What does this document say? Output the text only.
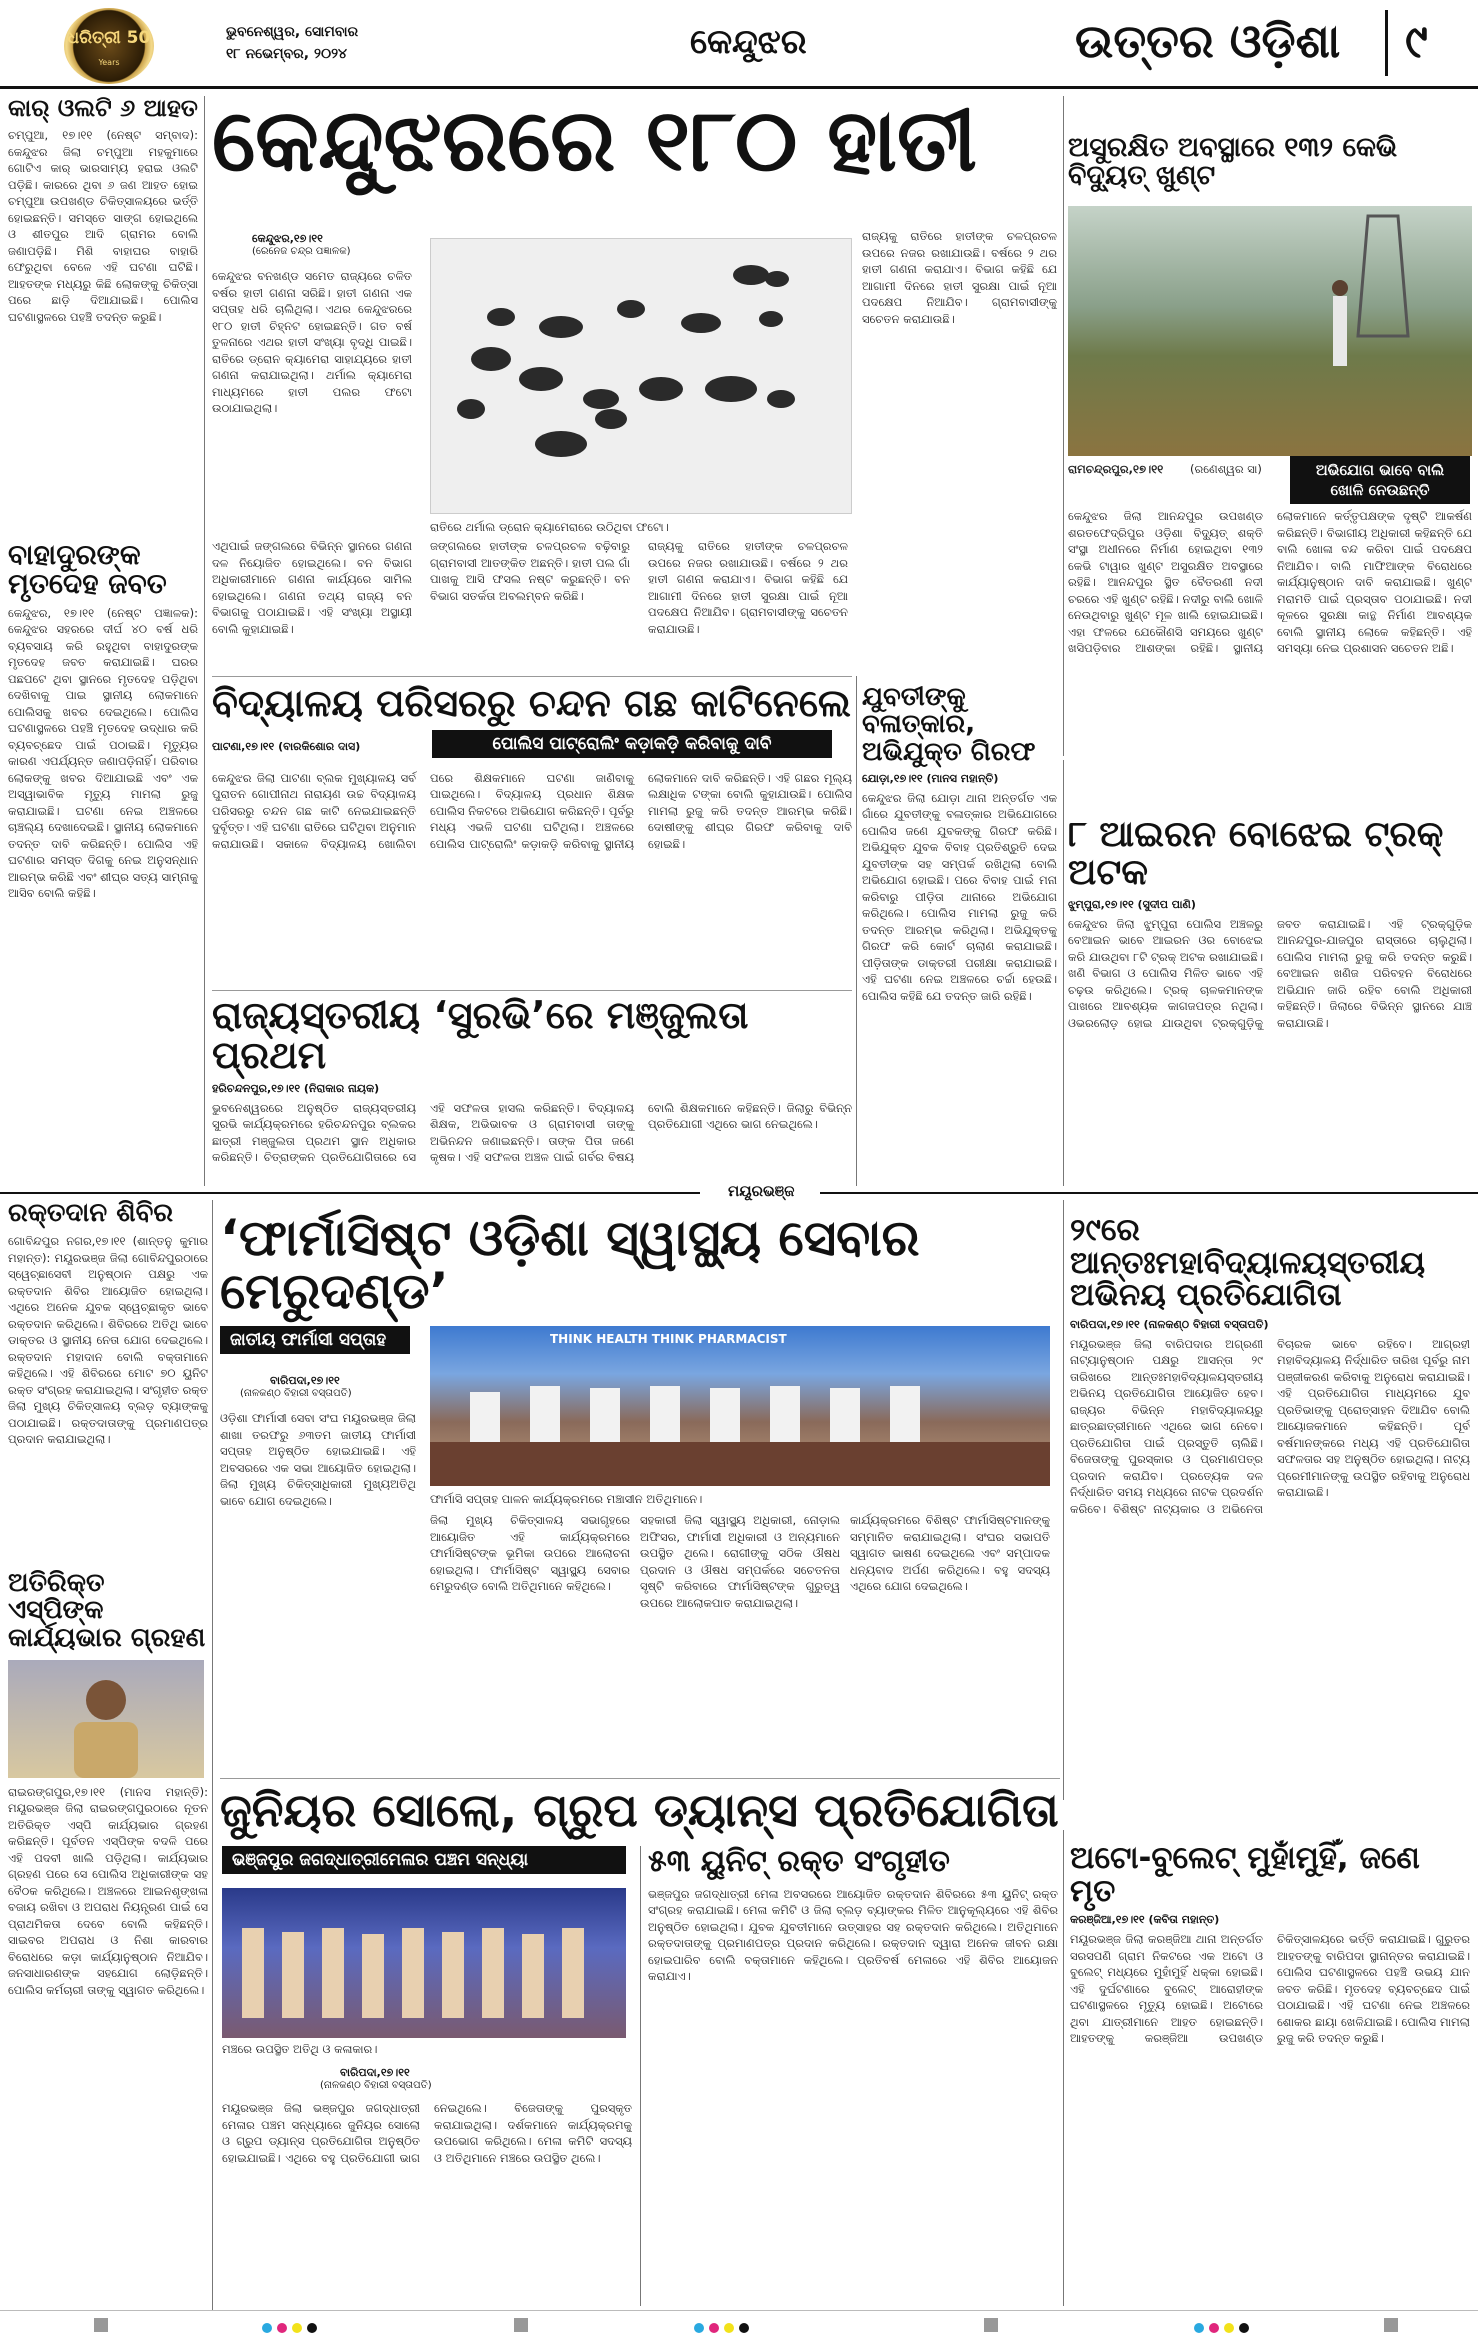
ଧରିତ୍ରୀ 50
Years
ଭୁବନେଶ୍ୱର, ସୋମବାର
୧୮ ନଭେମ୍ବର, ୨୦୨୪	କେନ୍ଦୁଝର	ଉତ୍ତର ଓଡ଼ିଶା ୯
କାର୍ ଓଲଟି ୬ ଆହତ
ଚମ୍ପୁଆ, ୧୭।୧୧ (ନେଷ୍ଟ ସମ୍ବାଦ): କେନ୍ଦୁଝର ଜିଲା ଚମ୍ପୁଆ ମହକୁମାରେ ଗୋଟିଏ କାର୍ ଭାରସାମ୍ୟ ହରାଇ ଓଲଟି ପଡ଼ିଛି। କାରରେ ଥିବା ୬ ଜଣ ଆହତ ହୋଇ ଚମ୍ପୁଆ ଉପଖଣ୍ଡ ଚିକିତ୍ସାଳୟରେ ଭର୍ତ୍ତି ହୋଇଛନ୍ତି। ସମସ୍ତେ ସାଙ୍ଗ ହୋଇଥିଲେ ଓ ଶୀତପୁର ଆଦି ଗ୍ରାମର ବୋଲି ଜଣାପଡ଼ିଛି। ମିଶି ବାହାଘର ବାହାରି ଫେରୁଥିବା ବେଳେ ଏହି ଘଟଣା ଘଟିଛି। ଆହତଙ୍କ ମଧ୍ୟରୁ କିଛି ଲୋକଙ୍କୁ ଚିକିତ୍ସା ପରେ ଛାଡ଼ି ଦିଆଯାଇଛି। ପୋଲିସ ଘଟଣାସ୍ଥଳରେ ପହଞ୍ଚି ତଦନ୍ତ କରୁଛି।
ବାହାଦୁରଙ୍କ ମୃତଦେହ ଜବତ
କେନ୍ଦୁଝର, ୧୭।୧୧ (ନେଷ୍ଟ ପଜ୍ଞାଳକ): କେନ୍ଦୁଝର ସହରରେ ଦୀର୍ଘ ୪୦ ବର୍ଷ ଧରି ବ୍ୟବସାୟ କରି ରହୁଥିବା ବାହାଦୁରଙ୍କ ମୃତଦେହ ଜବତ କରାଯାଇଛି। ଘରର ପଛପଟେ ଥିବା ସ୍ଥାନରେ ମୃତଦେହ ପଡ଼ିଥିବା ଦେଖିବାକୁ ପାଇ ସ୍ଥାନୀୟ ଲୋକମାନେ ପୋଲିସକୁ ଖବର ଦେଇଥିଲେ। ପୋଲିସ ଘଟଣାସ୍ଥଳରେ ପହଞ୍ଚି ମୃତଦେହ ଉଦ୍ଧାର କରି ବ୍ୟବଚ୍ଛେଦ ପାଇଁ ପଠାଇଛି। ମୃତ୍ୟୁର କାରଣ ଏପର୍ଯ୍ୟନ୍ତ ଜଣାପଡ଼ିନାହିଁ। ପରିବାର ଲୋକଙ୍କୁ ଖବର ଦିଆଯାଇଛି ଏବଂ ଏକ ଅସ୍ୱାଭାବିକ ମୃତ୍ୟୁ ମାମଲା ରୁଜୁ କରାଯାଇଛି। ଘଟଣା ନେଇ ଅଞ୍ଚଳରେ ଚାଞ୍ଚଲ୍ୟ ଦେଖାଦେଇଛି। ସ୍ଥାନୀୟ ଲୋକମାନେ ତଦନ୍ତ ଦାବି କରିଛନ୍ତି। ପୋଲିସ ଏହି ଘଟଣାର ସମସ୍ତ ଦିଗକୁ ନେଇ ଅନୁସନ୍ଧାନ ଆରମ୍ଭ କରିଛି ଏବଂ ଶୀଘ୍ର ସତ୍ୟ ସାମ୍ନାକୁ ଆସିବ ବୋଲି କହିଛି।
କେନ୍ଦୁଝରରେ ୧୮୦ ହାତୀ
କେନ୍ଦୁଝର,୧୭।୧୧
(ରେନେଜ ଚନ୍ଦ୍ର ପଜ୍ଞାଳକ)
କେନ୍ଦୁଝର ବନଖଣ୍ଡ ସମେତ ରାଜ୍ୟରେ ଚଳିତ ବର୍ଷର ହାତୀ ଗଣନା ସରିଛି। ହାତୀ ଗଣନା ଏକ ସପ୍ତାହ ଧରି ଚାଲିଥିଲା। ଏଥର କେନ୍ଦୁଝରରେ ୧୮୦ ହାତୀ ଚିହ୍ନଟ ହୋଇଛନ୍ତି। ଗତ ବର୍ଷ ତୁଳନାରେ ଏଥର ହାତୀ ସଂଖ୍ୟା ବୃଦ୍ଧି ପାଇଛି। ରାତିରେ ଡ୍ରୋନ କ୍ୟାମେରା ସାହାଯ୍ୟରେ ହାତୀ ଗଣନା କରାଯାଇଥିଲା। ଥର୍ମାଲ କ୍ୟାମେରା ମାଧ୍ୟମରେ ହାତୀ ପଲର ଫଟୋ ଉଠାଯାଇଥିଲା।
ରାତିରେ ଥର୍ମାଲ ଡ୍ରୋନ କ୍ୟାମେରାରେ ଉଠିଥିବା ଫଟୋ।
ଏଥିପାଇଁ ଜଙ୍ଗଲରେ ବିଭିନ୍ନ ସ୍ଥାନରେ ଗଣନା ଦଳ ନିୟୋଜିତ ହୋଇଥିଲେ। ବନ ବିଭାଗ ଅଧିକାରୀମାନେ ଗଣନା କାର୍ଯ୍ୟରେ ସାମିଲ ହୋଇଥିଲେ। ଗଣନା ତଥ୍ୟ ରାଜ୍ୟ ବନ ବିଭାଗକୁ ପଠାଯାଇଛି। ଏହି ସଂଖ୍ୟା ଅସ୍ଥାୟୀ ବୋଲି କୁହାଯାଇଛି।
ଜଙ୍ଗଲରେ ହାତୀଙ୍କ ଚଳପ୍ରଚଳ ବଢ଼ିବାରୁ ଗ୍ରାମବାସୀ ଆତଙ୍କିତ ଅଛନ୍ତି। ହାତୀ ପଲ ଗାଁ ପାଖକୁ ଆସି ଫସଲ ନଷ୍ଟ କରୁଛନ୍ତି। ବନ ବିଭାଗ ସତର୍କତା ଅବଲମ୍ବନ କରିଛି।
ରାଜ୍ୟକୁ ରାତିରେ ହାତୀଙ୍କ ଚଳପ୍ରଚଳ ଉପରେ ନଜର ରଖାଯାଉଛି। ବର୍ଷରେ ୨ ଥର ହାତୀ ଗଣନା କରାଯାଏ। ବିଭାଗ କହିଛି ଯେ ଆଗାମୀ ଦିନରେ ହାତୀ ସୁରକ୍ଷା ପାଇଁ ନୂଆ ପଦକ୍ଷେପ ନିଆଯିବ। ଗ୍ରାମବାସୀଙ୍କୁ ସଚେତନ କରାଯାଉଛି।
ରାଜ୍ୟକୁ ରାତିରେ ହାତୀଙ୍କ ଚଳପ୍ରଚଳ ଉପରେ ନଜର ରଖାଯାଉଛି। ବର୍ଷରେ ୨ ଥର ହାତୀ ଗଣନା କରାଯାଏ। ବିଭାଗ କହିଛି ଯେ ଆଗାମୀ ଦିନରେ ହାତୀ ସୁରକ୍ଷା ପାଇଁ ନୂଆ ପଦକ୍ଷେପ ନିଆଯିବ। ଗ୍ରାମବାସୀଙ୍କୁ ସଚେତନ କରାଯାଉଛି।
ଅସୁରକ୍ଷିତ ଅବସ୍ଥାରେ ୧୩୨ କେଭି ବିଦ୍ୟୁତ୍ ଖୁଣ୍ଟ
ରାମଚନ୍ଦ୍ରପୁର,୧୭।୧୧ (ରଣେଶ୍ୱର ସା)	ଅଭିଯୋଗ ଭାବେ ବାଲି ଖୋଳି ନେଉଛନ୍ତି
କେନ୍ଦୁଝର ଜିଲା ଆନନ୍ଦପୁର ଉପଖଣ୍ଡ ଶରତଫେଦ୍ରିପୁର ଓଡ଼ିଶା ବିଦ୍ୟୁତ୍ ଶକ୍ତି ସଂସ୍ଥା ଅଧୀନରେ ନିର୍ମାଣ ହୋଇଥିବା ୧୩୨ କେଭି ଟାୱାର ଖୁଣ୍ଟ ଅସୁରକ୍ଷିତ ଅବସ୍ଥାରେ ରହିଛି। ଆନନ୍ଦପୁର ସ୍ଥିତ ବୈତରଣୀ ନଦୀ ଚରରେ ଏହି ଖୁଣ୍ଟ ରହିଛି। ନଦୀରୁ ବାଲି ଖୋଳି ନେଉଥିବାରୁ ଖୁଣ୍ଟ ମୂଳ ଖାଲି ହୋଇଯାଇଛି। ଏହା ଫଳରେ ଯେକୌଣସି ସମୟରେ ଖୁଣ୍ଟ ଖସିପଡ଼ିବାର ଆଶଙ୍କା ରହିଛି। ସ୍ଥାନୀୟ ଲୋକମାନେ କର୍ତ୍ତୃପକ୍ଷଙ୍କ ଦୃଷ୍ଟି ଆକର୍ଷଣ କରିଛନ୍ତି। ବିଭାଗୀୟ ଅଧିକାରୀ କହିଛନ୍ତି ଯେ ବାଲି ଖୋଳା ବନ୍ଦ କରିବା ପାଇଁ ପଦକ୍ଷେପ ନିଆଯିବ। ବାଲି ମାଫିଆଙ୍କ ବିରୋଧରେ କାର୍ଯ୍ୟାନୁଷ୍ଠାନ ଦାବି କରାଯାଇଛି। ଖୁଣ୍ଟ ମରାମତି ପାଇଁ ପ୍ରସ୍ତାବ ପଠାଯାଇଛି। ନଦୀ କୂଳରେ ସୁରକ୍ଷା କାନ୍ଥ ନିର୍ମାଣ ଆବଶ୍ୟକ ବୋଲି ସ୍ଥାନୀୟ ଲୋକେ କହିଛନ୍ତି। ଏହି ସମସ୍ୟା ନେଇ ପ୍ରଶାସନ ସଚେତନ ଅଛି।
ବିଦ୍ୟାଳୟ ପରିସରରୁ ଚନ୍ଦନ ଗଛ କାଟିନେଲେ
ପୋଲିସ ପାଟ୍ରୋଲିଂ କଡ଼ାକଡ଼ି କରିବାକୁ ଦାବି
ପାଟଣା,୧୭।୧୧ (ବାରକିଶୋର ଦାସ)
କେନ୍ଦୁଝର ଜିଲା ପାଟଣା ବ୍ଲକ ମୁଖ୍ୟାଳୟ ସର୍ବ ପୁରାତନ ଗୋପୀନାଥ ନାରାୟଣ ଉଚ୍ଚ ବିଦ୍ୟାଳୟ ପରିସରରୁ ଚନ୍ଦନ ଗଛ କାଟି ନେଇଯାଇଛନ୍ତି ଦୁର୍ବୃତ୍ତ। ଏହି ଘଟଣା ରାତିରେ ଘଟିଥିବା ଅନୁମାନ କରାଯାଉଛି। ସକାଳେ ବିଦ୍ୟାଳୟ ଖୋଲିବା ପରେ ଶିକ୍ଷକମାନେ ଘଟଣା ଜାଣିବାକୁ ପାଇଥିଲେ। ବିଦ୍ୟାଳୟ ପ୍ରଧାନ ଶିକ୍ଷକ ପୋଲିସ ନିକଟରେ ଅଭିଯୋଗ କରିଛନ୍ତି। ପୂର୍ବରୁ ମଧ୍ୟ ଏଭଳି ଘଟଣା ଘଟିଥିଲା। ଅଞ୍ଚଳରେ ପୋଲିସ ପାଟ୍ରୋଲିଂ କଡ଼ାକଡ଼ି କରିବାକୁ ସ୍ଥାନୀୟ ଲୋକମାନେ ଦାବି କରିଛନ୍ତି। ଏହି ଗଛର ମୂଲ୍ୟ ଲକ୍ଷାଧିକ ଟଙ୍କା ବୋଲି କୁହାଯାଉଛି। ପୋଲିସ ମାମଲା ରୁଜୁ କରି ତଦନ୍ତ ଆରମ୍ଭ କରିଛି। ଦୋଷୀଙ୍କୁ ଶୀଘ୍ର ଗିରଫ କରିବାକୁ ଦାବି ହୋଇଛି।
ଯୁବତୀଙ୍କୁ ବଳାତ୍କାର, ଅଭିଯୁକ୍ତ ଗିରଫ
ଯୋଡ଼ା,୧୭।୧୧ (ମାନସ ମହାନ୍ତି)
କେନ୍ଦୁଝର ଜିଲା ଯୋଡ଼ା ଥାନା ଅନ୍ତର୍ଗତ ଏକ ଗାଁରେ ଯୁବତୀଙ୍କୁ ବଳାତ୍କାର ଅଭିଯୋଗରେ ପୋଲିସ ଜଣେ ଯୁବକଙ୍କୁ ଗିରଫ କରିଛି। ଅଭିଯୁକ୍ତ ଯୁବକ ବିବାହ ପ୍ରତିଶ୍ରୁତି ଦେଇ ଯୁବତୀଙ୍କ ସହ ସମ୍ପର୍କ ରଖିଥିଲା ବୋଲି ଅଭିଯୋଗ ହୋଇଛି। ପରେ ବିବାହ ପାଇଁ ମନା କରିବାରୁ ପୀଡ଼ିତା ଥାନାରେ ଅଭିଯୋଗ କରିଥିଲେ। ପୋଲିସ ମାମଲା ରୁଜୁ କରି ତଦନ୍ତ ଆରମ୍ଭ କରିଥିଲା। ଅଭିଯୁକ୍ତକୁ ଗିରଫ କରି କୋର୍ଟ ଚାଲାଣ କରାଯାଇଛି। ପୀଡ଼ିତାଙ୍କ ଡାକ୍ତରୀ ପରୀକ୍ଷା କରାଯାଇଛି। ଏହି ଘଟଣା ନେଇ ଅଞ୍ଚଳରେ ଚର୍ଚ୍ଚା ହେଉଛି। ପୋଲିସ କହିଛି ଯେ ତଦନ୍ତ ଜାରି ରହିଛି।
୮ ଆଇରନ ବୋଝେଇ ଟ୍ରକ୍ ଅଟକ
ଝୁମ୍ପୁରା,୧୭।୧୧ (ସୁଦୀପ ପାଣି)
କେନ୍ଦୁଝର ଜିଲା ଝୁମ୍ପୁରା ପୋଲିସ ଅଞ୍ଚଳରୁ ବେଆଇନ ଭାବେ ଆଇରନ ଓର ବୋଝେଇ କରି ଯାଉଥିବା ୮ଟି ଟ୍ରକ୍ ଅଟକ ରଖାଯାଇଛି। ଖଣି ବିଭାଗ ଓ ପୋଲିସ ମିଳିତ ଭାବେ ଏହି ଚଢ଼ଉ କରିଥିଲେ। ଟ୍ରକ୍ ଚାଳକମାନଙ୍କ ପାଖରେ ଆବଶ୍ୟକ କାଗଜପତ୍ର ନଥିଲା। ଓଭରଲୋଡ଼ ହୋଇ ଯାଉଥିବା ଟ୍ରକ୍‌ଗୁଡ଼ିକୁ ଜବତ କରାଯାଇଛି। ଏହି ଟ୍ରକ୍‌ଗୁଡ଼ିକ ଆନନ୍ଦପୁର-ଯାଜପୁର ରାସ୍ତାରେ ଚାଲୁଥିଲା। ପୋଲିସ ମାମଲା ରୁଜୁ କରି ତଦନ୍ତ କରୁଛି। ବେଆଇନ ଖଣିଜ ପରିବହନ ବିରୋଧରେ ଅଭିଯାନ ଜାରି ରହିବ ବୋଲି ଅଧିକାରୀ କହିଛନ୍ତି। ଜିଲାରେ ବିଭିନ୍ନ ସ୍ଥାନରେ ଯାଞ୍ଚ କରାଯାଉଛି।
ରାଜ୍ୟସ୍ତରୀୟ ‘ସୁରଭି’ରେ ମଞ୍ଜୁଲତା ପ୍ରଥମ
ହରିଚନ୍ଦନପୁର,୧୭।୧୧ (ନିରାକାର ନାୟକ)
ଭୁବନେଶ୍ୱରରେ ଅନୁଷ୍ଠିତ ରାଜ୍ୟସ୍ତରୀୟ ସୁରଭି କାର୍ଯ୍ୟକ୍ରମରେ ହରିଚନ୍ଦନପୁର ବ୍ଲକର ଛାତ୍ରୀ ମଞ୍ଜୁଲତା ପ୍ରଥମ ସ୍ଥାନ ଅଧିକାର କରିଛନ୍ତି। ଚିତ୍ରାଙ୍କନ ପ୍ରତିଯୋଗିତାରେ ସେ ଏହି ସଫଳତା ହାସଲ କରିଛନ୍ତି। ବିଦ୍ୟାଳୟ ଶିକ୍ଷକ, ଅଭିଭାବକ ଓ ଗ୍ରାମବାସୀ ତାଙ୍କୁ ଅଭିନନ୍ଦନ ଜଣାଇଛନ୍ତି। ତାଙ୍କ ପିତା ଜଣେ କୃଷକ। ଏହି ସଫଳତା ଅଞ୍ଚଳ ପାଇଁ ଗର୍ବର ବିଷୟ ବୋଲି ଶିକ୍ଷକମାନେ କହିଛନ୍ତି। ଜିଲାରୁ ବିଭିନ୍ନ ପ୍ରତିଯୋଗୀ ଏଥିରେ ଭାଗ ନେଇଥିଲେ।
ମୟୂରଭଞ୍ଜ
ରକ୍ତଦାନ ଶିବିର
ଗୋବିନ୍ଦପୁର ନଗର,୧୭।୧୧ (ଶାନ୍ତନୁ କୁମାର ମହାନ୍ତ): ମୟୂରଭଞ୍ଜ ଜିଲା ଗୋବିନ୍ଦପୁରଠାରେ ସ୍ୱେଚ୍ଛାସେବୀ ଅନୁଷ୍ଠାନ ପକ୍ଷରୁ ଏକ ରକ୍ତଦାନ ଶିବିର ଆୟୋଜିତ ହୋଇଥିଲା। ଏଥିରେ ଅନେକ ଯୁବକ ସ୍ୱେଚ୍ଛାକୃତ ଭାବେ ରକ୍ତଦାନ କରିଥିଲେ। ଶିବିରରେ ଅତିଥି ଭାବେ ଡାକ୍ତର ଓ ସ୍ଥାନୀୟ ନେତା ଯୋଗ ଦେଇଥିଲେ। ରକ୍ତଦାନ ମହାଦାନ ବୋଲି ବକ୍ତାମାନେ କହିଥିଲେ। ଏହି ଶିବିରରେ ମୋଟ ୭୦ ୟୁନିଟ ରକ୍ତ ସଂଗ୍ରହ କରାଯାଇଥିଲା। ସଂଗୃହୀତ ରକ୍ତ ଜିଲା ମୁଖ୍ୟ ଚିକିତ୍ସାଳୟ ବ୍ଲଡ଼ ବ୍ୟାଙ୍କକୁ ପଠାଯାଇଛି। ରକ୍ତଦାତାଙ୍କୁ ପ୍ରମାଣପତ୍ର ପ୍ରଦାନ କରାଯାଇଥିଲା।
ଅତିରିକ୍ତ ଏସ୍‌ପିଙ୍କ କାର୍ଯ୍ୟଭାର ଗ୍ରହଣ
ରାଇରଙ୍ଗପୁର,୧୭।୧୧ (ମାନସ ମହାନ୍ତି): ମୟୂରଭଞ୍ଜ ଜିଲା ରାଇରଙ୍ଗପୁରଠାରେ ନୂତନ ଅତିରିକ୍ତ ଏସ୍‌ପି କାର୍ଯ୍ୟଭାର ଗ୍ରହଣ କରିଛନ୍ତି। ପୂର୍ବତନ ଏସ୍‌ପିଙ୍କ ବଦଳି ପରେ ଏହି ପଦବୀ ଖାଲି ପଡ଼ିଥିଲା। କାର୍ଯ୍ୟଭାର ଗ୍ରହଣ ପରେ ସେ ପୋଲିସ ଅଧିକାରୀଙ୍କ ସହ ବୈଠକ କରିଥିଲେ। ଅଞ୍ଚଳରେ ଆଇନଶୃଙ୍ଖଳା ବଜାୟ ରଖିବା ଓ ଅପରାଧ ନିୟନ୍ତ୍ରଣ ପାଇଁ ସେ ପ୍ରାଥମିକତା ଦେବେ ବୋଲି କହିଛନ୍ତି। ସାଇବର ଅପରାଧ ଓ ନିଶା କାରବାର ବିରୋଧରେ କଡ଼ା କାର୍ଯ୍ୟାନୁଷ୍ଠାନ ନିଆଯିବ। ଜନସାଧାରଣଙ୍କ ସହଯୋଗ ଲୋଡ଼ିଛନ୍ତି। ପୋଲିସ କର୍ମଚାରୀ ତାଙ୍କୁ ସ୍ୱାଗତ କରିଥିଲେ।
‘ଫାର୍ମାସିଷ୍ଟ ଓଡ଼ିଶା ସ୍ୱାସ୍ଥ୍ୟ ସେବାର ମେରୁଦଣ୍ଡ’
ଜାତୀୟ ଫାର୍ମାସୀ ସପ୍ତାହ
ବାରିପଦା,୧୭।୧୧
(ନାଳକଣ୍ଠ ବିହାରୀ ବସ୍ତାପତି)
THINK HEALTH THINK PHARMACIST
ଫାର୍ମାସି ସପ୍ତାହ ପାଳନ କାର୍ଯ୍ୟକ୍ରମରେ ମଞ୍ଚାସୀନ ଅତିଥିମାନେ।
ଓଡ଼ିଶା ଫାର୍ମାସୀ ସେବା ସଂଘ ମୟୂରଭଞ୍ଜ ଜିଲା ଶାଖା ତରଫରୁ ୬୩ତମ ଜାତୀୟ ଫାର୍ମାସୀ ସପ୍ତାହ ଅନୁଷ୍ଠିତ ହୋଇଯାଇଛି। ଏହି ଅବସରରେ ଏକ ସଭା ଆୟୋଜିତ ହୋଇଥିଲା। ଜିଲା ମୁଖ୍ୟ ଚିକିତ୍ସାଧିକାରୀ ମୁଖ୍ୟଅତିଥି ଭାବେ ଯୋଗ ଦେଇଥିଲେ।
ଜିଲା ମୁଖ୍ୟ ଚିକିତ୍ସାଳୟ ସଭାଗୃହରେ ଆୟୋଜିତ ଏହି କାର୍ଯ୍ୟକ୍ରମରେ ଫାର୍ମାସିଷ୍ଟଙ୍କ ଭୂମିକା ଉପରେ ଆଲୋଚନା ହୋଇଥିଲା। ଫାର୍ମାସିଷ୍ଟ ସ୍ୱାସ୍ଥ୍ୟ ସେବାର ମେରୁଦଣ୍ଡ ବୋଲି ଅତିଥିମାନେ କହିଥିଲେ।
ସହକାରୀ ଜିଲା ସ୍ୱାସ୍ଥ୍ୟ ଅଧିକାରୀ, ନୋଡ଼ାଲ ଅଫିସର, ଫାର୍ମାସୀ ଅଧିକାରୀ ଓ ଅନ୍ୟମାନେ ଉପସ୍ଥିତ ଥିଲେ। ରୋଗୀଙ୍କୁ ସଠିକ ଔଷଧ ପ୍ରଦାନ ଓ ଔଷଧ ସମ୍ପର୍କରେ ସଚେତନତା ସୃଷ୍ଟି କରିବାରେ ଫାର୍ମାସିଷ୍ଟଙ୍କ ଗୁରୁତ୍ୱ ଉପରେ ଆଲୋକପାତ କରାଯାଇଥିଲା।
କାର୍ଯ୍ୟକ୍ରମରେ ବିଶିଷ୍ଟ ଫାର୍ମାସିଷ୍ଟମାନଙ୍କୁ ସମ୍ମାନିତ କରାଯାଇଥିଲା। ସଂଘର ସଭାପତି ସ୍ୱାଗତ ଭାଷଣ ଦେଇଥିଲେ ଏବଂ ସମ୍ପାଦକ ଧନ୍ୟବାଦ ଅର୍ପଣ କରିଥିଲେ। ବହୁ ସଦସ୍ୟ ଏଥିରେ ଯୋଗ ଦେଇଥିଲେ।
୨୯ରେ ଆନ୍ତଃମହାବିଦ୍ୟାଳୟସ୍ତରୀୟ ଅଭିନୟ ପ୍ରତିଯୋଗିତା
ବାରିପଦା,୧୭।୧୧ (ନାଳକଣ୍ଠ ବିହାରୀ ବସ୍ତାପତି)
ମୟୂରଭଞ୍ଜ ଜିଲା ବାରିପଦାର ଅଗ୍ରଣୀ ନାଟ୍ୟାନୁଷ୍ଠାନ ପକ୍ଷରୁ ଆସନ୍ତା ୨୯ ତାରିଖରେ ଆନ୍ତଃମହାବିଦ୍ୟାଳୟସ୍ତରୀୟ ଅଭିନୟ ପ୍ରତିଯୋଗିତା ଆୟୋଜିତ ହେବ। ରାଜ୍ୟର ବିଭିନ୍ନ ମହାବିଦ୍ୟାଳୟରୁ ଛାତ୍ରଛାତ୍ରୀମାନେ ଏଥିରେ ଭାଗ ନେବେ। ପ୍ରତିଯୋଗିତା ପାଇଁ ପ୍ରସ୍ତୁତି ଚାଲିଛି। ବିଜେତାଙ୍କୁ ପୁରସ୍କାର ଓ ପ୍ରମାଣପତ୍ର ପ୍ରଦାନ କରାଯିବ। ପ୍ରତ୍ୟେକ ଦଳ ନିର୍ଦ୍ଧାରିତ ସମୟ ମଧ୍ୟରେ ନାଟକ ପ୍ରଦର୍ଶନ କରିବେ। ବିଶିଷ୍ଟ ନାଟ୍ୟକାର ଓ ଅଭିନେତା ବିଚାରକ ଭାବେ ରହିବେ। ଆଗ୍ରହୀ ମହାବିଦ୍ୟାଳୟ ନିର୍ଦ୍ଧାରିତ ତାରିଖ ପୂର୍ବରୁ ନାମ ପଞ୍ଜୀକରଣ କରିବାକୁ ଅନୁରୋଧ କରାଯାଇଛି। ଏହି ପ୍ରତିଯୋଗିତା ମାଧ୍ୟମରେ ଯୁବ ପ୍ରତିଭାଙ୍କୁ ପ୍ରୋତ୍ସାହନ ଦିଆଯିବ ବୋଲି ଆୟୋଜକମାନେ କହିଛନ୍ତି। ପୂର୍ବ ବର୍ଷମାନଙ୍କରେ ମଧ୍ୟ ଏହି ପ୍ରତିଯୋଗିତା ସଫଳତାର ସହ ଅନୁଷ୍ଠିତ ହୋଇଥିଲା। ନାଟ୍ୟ ପ୍ରେମୀମାନଙ୍କୁ ଉପସ୍ଥିତ ରହିବାକୁ ଅନୁରୋଧ କରାଯାଇଛି।
ଜୁନିୟର ସୋଲୋ, ଗ୍ରୁପ ଡ୍ୟାନ୍ସ ପ୍ରତିଯୋଗିତା
ଭଞ୍ଜପୁର ଜଗଦ୍ଧାତ୍ରୀମେଳାର ପଞ୍ଚମ ସନ୍ଧ୍ୟା
ମଞ୍ଚରେ ଉପସ୍ଥିତ ଅତିଥି ଓ କଳାକାର।
ବାରିପଦା,୧୭।୧୧
(ନାଳକଣ୍ଠ ବିହାରୀ ବସ୍ତାପତି)
ମୟୂରଭଞ୍ଜ ଜିଲା ଭଞ୍ଜପୁର ଜଗଦ୍ଧାତ୍ରୀ ମେଳାର ପଞ୍ଚମ ସନ୍ଧ୍ୟାରେ ଜୁନିୟର ସୋଲୋ ଓ ଗ୍ରୁପ ଡ୍ୟାନ୍ସ ପ୍ରତିଯୋଗିତା ଅନୁଷ୍ଠିତ ହୋଇଯାଇଛି। ଏଥିରେ ବହୁ ପ୍ରତିଯୋଗୀ ଭାଗ ନେଇଥିଲେ। ବିଜେତାଙ୍କୁ ପୁରସ୍କୃତ କରାଯାଇଥିଲା। ଦର୍ଶକମାନେ କାର୍ଯ୍ୟକ୍ରମକୁ ଉପଭୋଗ କରିଥିଲେ। ମେଳା କମିଟି ସଦସ୍ୟ ଓ ଅତିଥିମାନେ ମଞ୍ଚରେ ଉପସ୍ଥିତ ଥିଲେ।
୫୩ ୟୁନିଟ୍ ରକ୍ତ ସଂଗୃହୀତ
ଭଞ୍ଜପୁର ଜଗଦ୍ଧାତ୍ରୀ ମେଳା ଅବସରରେ ଆୟୋଜିତ ରକ୍ତଦାନ ଶିବିରରେ ୫୩ ୟୁନିଟ୍ ରକ୍ତ ସଂଗ୍ରହ କରାଯାଇଛି। ମେଳା କମିଟି ଓ ଜିଲା ବ୍ଲଡ଼ ବ୍ୟାଙ୍କର ମିଳିତ ଆନୁକୂଲ୍ୟରେ ଏହି ଶିବିର ଅନୁଷ୍ଠିତ ହୋଇଥିଲା। ଯୁବକ ଯୁବତୀମାନେ ଉତ୍ସାହର ସହ ରକ୍ତଦାନ କରିଥିଲେ। ଅତିଥିମାନେ ରକ୍ତଦାତାଙ୍କୁ ପ୍ରମାଣପତ୍ର ପ୍ରଦାନ କରିଥିଲେ। ରକ୍ତଦାନ ଦ୍ୱାରା ଅନେକ ଜୀବନ ରକ୍ଷା ହୋଇପାରିବ ବୋଲି ବକ୍ତାମାନେ କହିଥିଲେ। ପ୍ରତିବର୍ଷ ମେଳାରେ ଏହି ଶିବିର ଆୟୋଜନ କରାଯାଏ।
ଅଟୋ-ବୁଲେଟ୍ ମୁହାଁମୁହିଁ, ଜଣେ ମୃତ
କରଞ୍ଜିଆ,୧୭।୧୧ (କବିତା ମହାନ୍ତ)
ମୟୂରଭଞ୍ଜ ଜିଲା କରଞ୍ଜିଆ ଥାନା ଅନ୍ତର୍ଗତ ସରସପଣି ଗ୍ରାମ ନିକଟରେ ଏକ ଅଟୋ ଓ ବୁଲେଟ୍ ମଧ୍ୟରେ ମୁହାଁମୁହିଁ ଧକ୍କା ହୋଇଛି। ଏହି ଦୁର୍ଘଟଣାରେ ବୁଲେଟ୍ ଆରୋହୀଙ୍କ ଘଟଣାସ୍ଥଳରେ ମୃତ୍ୟୁ ହୋଇଛି। ଅଟୋରେ ଥିବା ଯାତ୍ରୀମାନେ ଆହତ ହୋଇଛନ୍ତି। ଆହତଙ୍କୁ କରଞ୍ଜିଆ ଉପଖଣ୍ଡ ଚିକିତ୍ସାଳୟରେ ଭର୍ତ୍ତି କରାଯାଇଛି। ଗୁରୁତର ଆହତଙ୍କୁ ବାରିପଦା ସ୍ଥାନାନ୍ତର କରାଯାଇଛି। ପୋଲିସ ଘଟଣାସ୍ଥଳରେ ପହଞ୍ଚି ଉଭୟ ଯାନ ଜବତ କରିଛି। ମୃତଦେହ ବ୍ୟବଚ୍ଛେଦ ପାଇଁ ପଠାଯାଇଛି। ଏହି ଘଟଣା ନେଇ ଅଞ୍ଚଳରେ ଶୋକର ଛାୟା ଖେଳିଯାଇଛି। ପୋଲିସ ମାମଲା ରୁଜୁ କରି ତଦନ୍ତ କରୁଛି।
